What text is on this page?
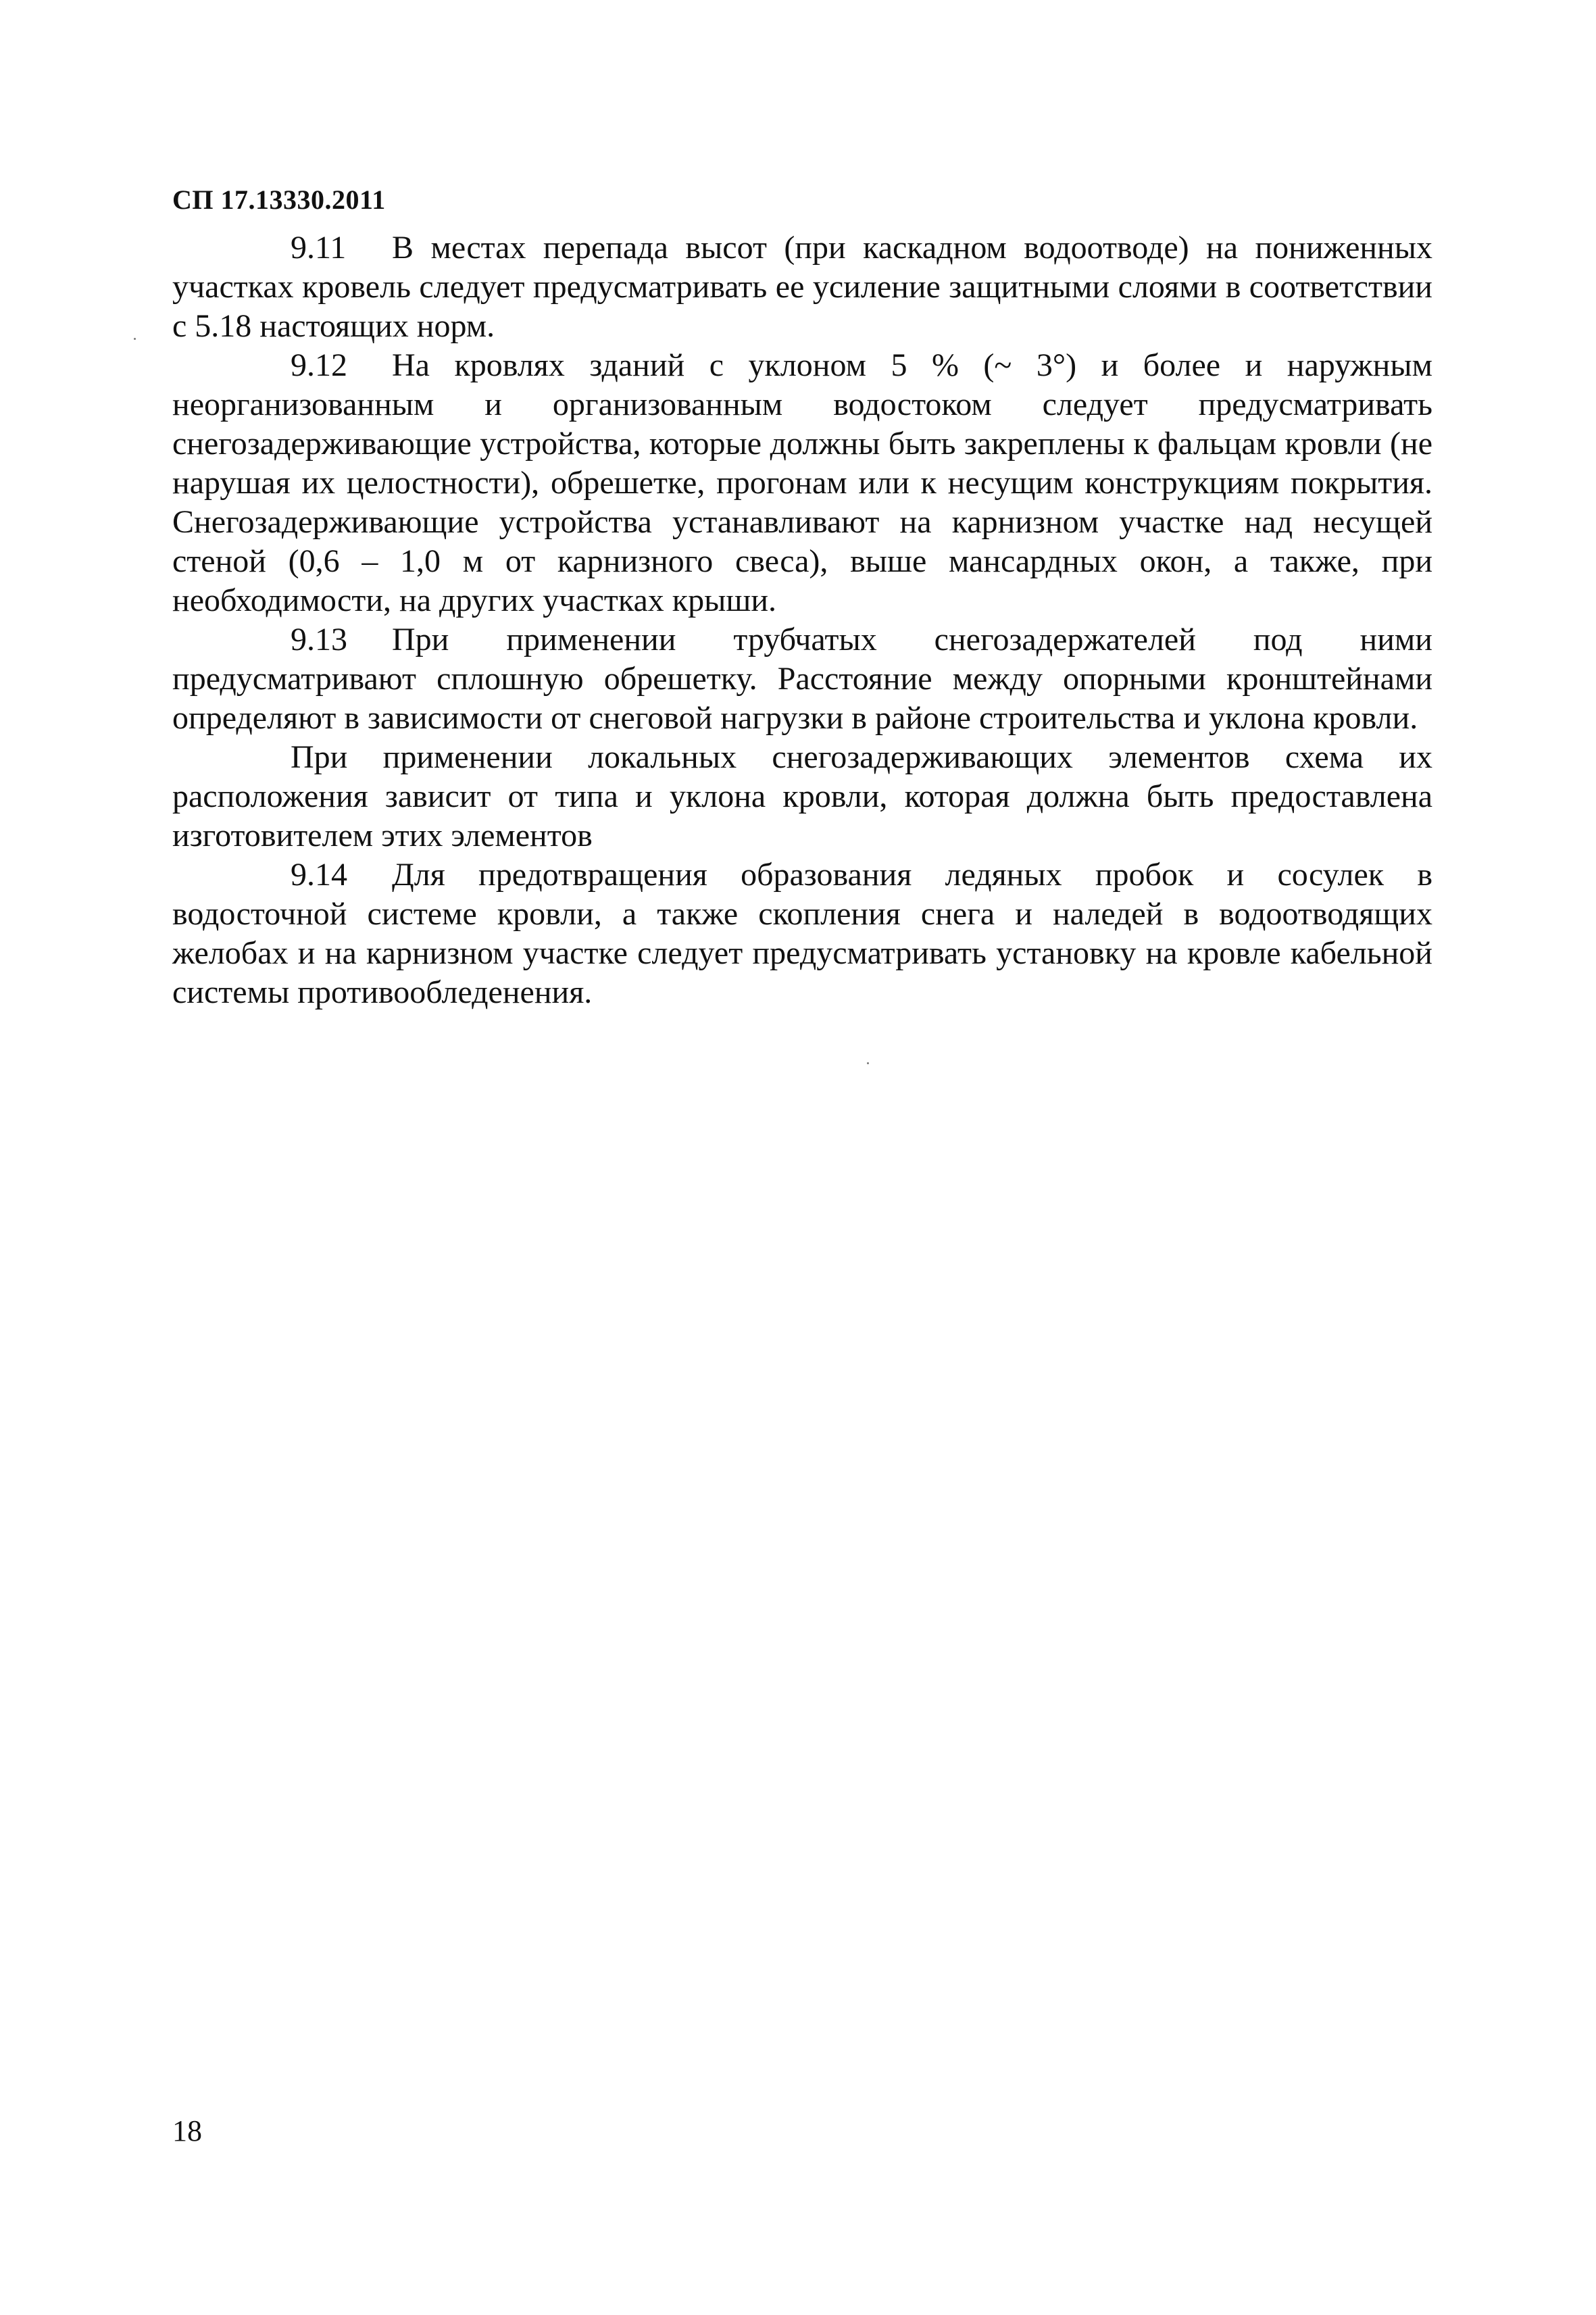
СП 17.13330.2011

9.11 В местах перепада высот (при каскадном водоотводе) на пониженных участках кровель следует предусматривать ее усиление защитными слоями в соответствии с 5.18 настоящих норм.

9.12 На кровлях зданий с уклоном 5 % (~ 3°) и более и наружным неорганизованным и организованным водостоком следует предусматривать снегозадерживающие устройства, которые должны быть закреплены к фальцам кровли (не нарушая их целостности), обрешетке, прогонам или к несущим конструкциям покрытия. Снегозадерживающие устройства устанавливают на карнизном участке над несущей стеной (0,6 – 1,0 м от карнизного свеса), выше мансардных окон, а также, при необходимости, на других участках крыши.

9.13 При применении трубчатых снегозадержателей под ними предусматривают сплошную обрешетку. Расстояние между опорными кронштейнами определяют в зависимости от снеговой нагрузки в районе строительства и уклона кровли.

При применении локальных снегозадерживающих элементов схема их расположения зависит от типа и уклона кровли, которая должна быть предоставлена изготовителем этих элементов

9.14 Для предотвращения образования ледяных пробок и сосулек в водосточной системе кровли, а также скопления снега и наледей в водоотводящих желобах и на карнизном участке следует предусматривать установку на кровле кабельной системы противообледенения.

18
